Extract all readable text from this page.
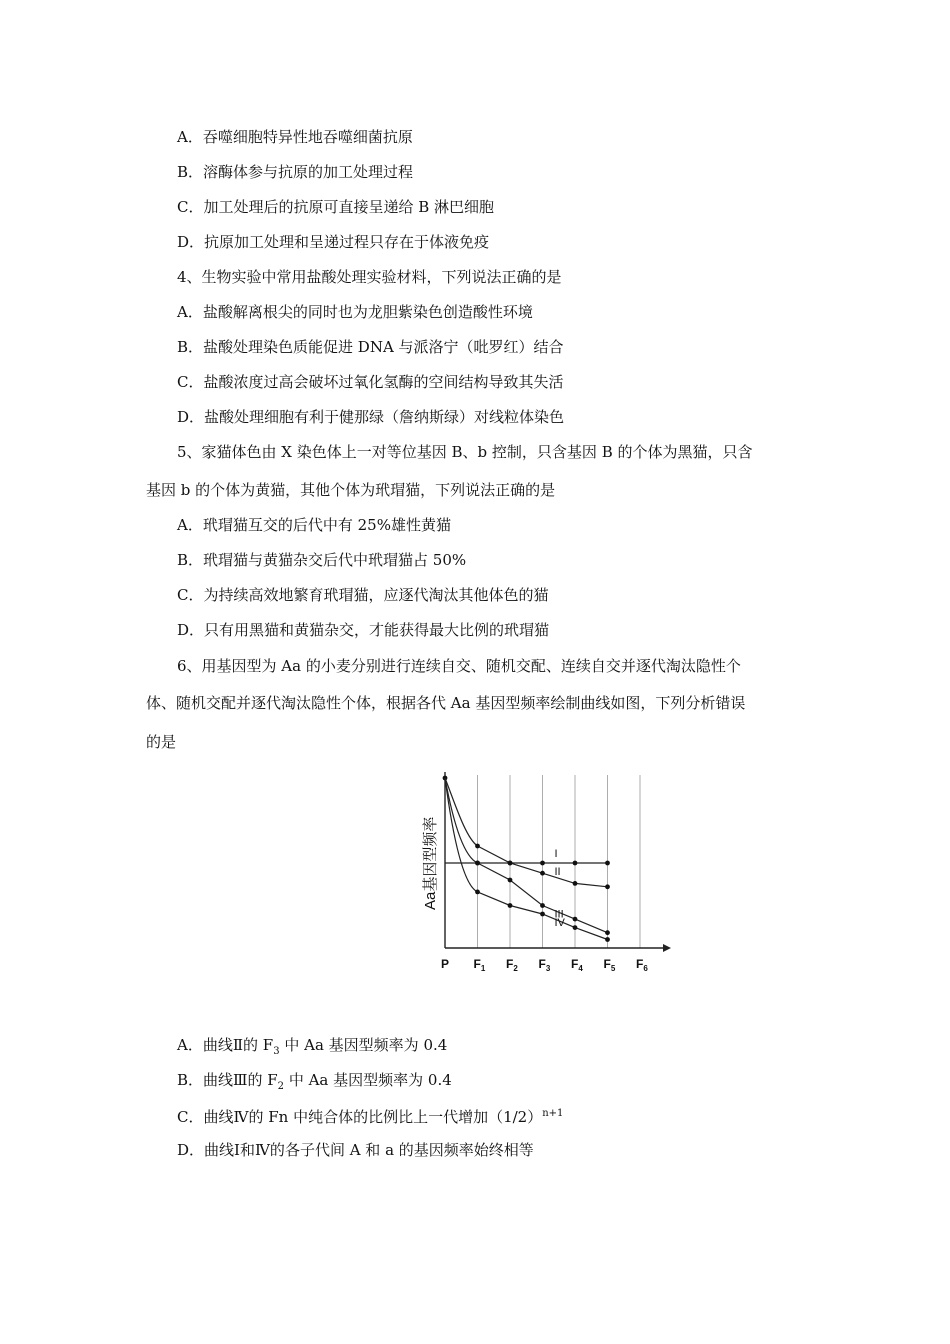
A．吞噬细胞特异性地吞噬细菌抗原
B．溶酶体参与抗原的加工处理过程
C．加工处理后的抗原可直接呈递给 B 淋巴细胞
D．抗原加工处理和呈递过程只存在于体液免疫
4、生物实验中常用盐酸处理实验材料，下列说法正确的是
A．盐酸解离根尖的同时也为龙胆紫染色创造酸性环境
B．盐酸处理染色质能促进 DNA 与派洛宁（吡罗红）结合
C．盐酸浓度过高会破坏过氧化氢酶的空间结构导致其失活
D．盐酸处理细胞有利于健那绿（詹纳斯绿）对线粒体染色
5、家猫体色由 X 染色体上一对等位基因 B、b 控制，只含基因 B 的个体为黑猫，只含
基因 b 的个体为黄猫，其他个体为玳瑁猫，下列说法正确的是
A．玳瑁猫互交的后代中有 25%雄性黄猫
B．玳瑁猫与黄猫杂交后代中玳瑁猫占 50%
C．为持续高效地繁育玳瑁猫，应逐代淘汰其他体色的猫
D．只有用黑猫和黄猫杂交，才能获得最大比例的玳瑁猫
6、用基因型为 Aa 的小麦分别进行连续自交、随机交配、连续自交并逐代淘汰隐性个
体、随机交配并逐代淘汰隐性个体，根据各代 Aa 基因型频率绘制曲线如图，下列分析错误
的是
I
II
III
IV
P $F_1$ $F_2$ $F_3$ $F_4$ $F_5$ $F_6$
Aa基因型频率
A．曲线Ⅱ的 $F_3$ 中 Aa 基因型频率为 0.4
B．曲线Ⅲ的 $F_2$ 中 Aa 基因型频率为 0.4
C．曲线Ⅳ的 Fn 中纯合体的比例比上一代增加$(1/2)^{n+1}$
D．曲线Ⅰ和Ⅳ的各子代间 A 和 a 的基因频率始终相等
